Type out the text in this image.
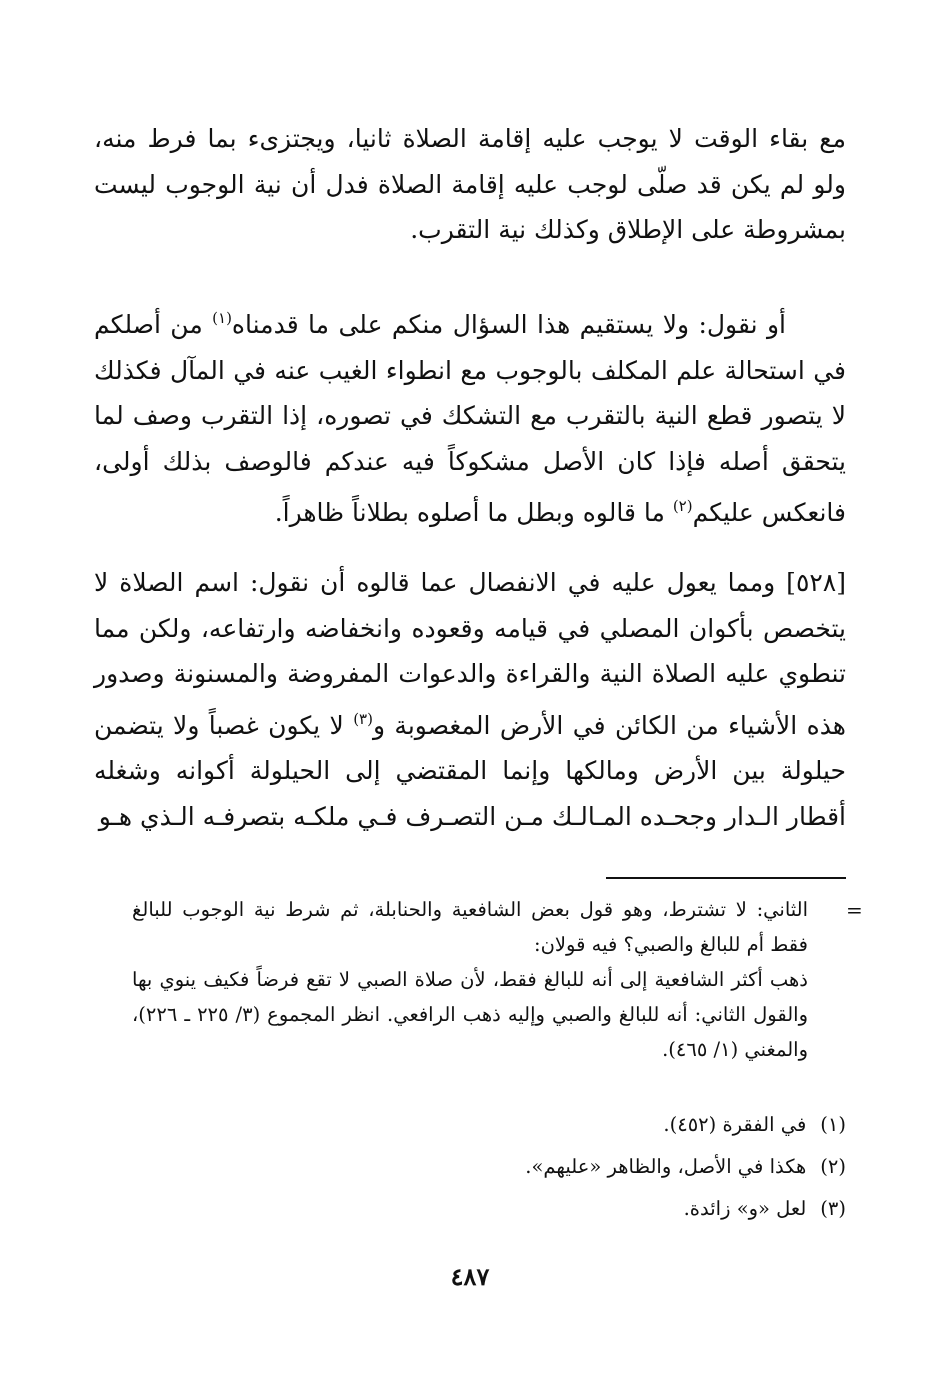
مع بقاء الوقت لا يوجب عليه إقامة الصلاة ثانيا، ويجتزىء بما فرط منه، ولو لم يكن قد صلّى لوجب عليه إقامة الصلاة فدل أن نية الوجوب ليست بمشروطة على الإطلاق وكذلك نية التقرب.

أو نقول: ولا يستقيم هذا السؤال منكم على ما قدمناه$^{(١)}$ من أصلكم في استحالة علم المكلف بالوجوب مع انطواء الغيب عنه في المآل فكذلك لا يتصور قطع النية بالتقرب مع التشكك في تصوره، إذا التقرب وصف لما يتحقق أصله فإذا كان الأصل مشكوكاً فيه عندكم فالوصف بذلك أولى، فانعكس عليكم$^{(٢)}$ ما قالوه وبطل ما أصلوه بطلاناً ظاهراً.

[٥٢٨] ومما يعول عليه في الانفصال عما قالوه أن نقول: اسم الصلاة لا يتخصص بأكوان المصلي في قيامه وقعوده وانخفاضه وارتفاعه، ولكن مما تنطوي عليه الصلاة النية والقراءة والدعوات المفروضة والمسنونة وصدور هذه الأشياء من الكائن في الأرض المغصوبة و$^{(٣)}$ لا يكون غصباً ولا يتضمن حيلولة بين الأرض ومالكها وإنما المقتضي إلى الحيلولة أكوانه وشغله أقطار الـدار وجحـده المـالـك مـن التصـرف فـي ملكـه بتصرفـه الـذي هـو

=

الثاني: لا تشترط، وهو قول بعض الشافعية والحنابلة، ثم شرط نية الوجوب للبالغ فقط أم للبالغ والصبي؟ فيه قولان:

ذهب أكثر الشافعية إلى أنه للبالغ فقط، لأن صلاة الصبي لا تقع فرضاً فكيف ينوي بها والقول الثاني: أنه للبالغ والصبي وإليه ذهب الرافعي. انظر المجموع (٣/ ٢٢٥ ـ ٢٢٦)، والمغني (١/ ٤٦٥).

(١)في الفقرة (٤٥٢).
(٢)هكذا في الأصل، والظاهر «عليهم».
(٣)لعل «و» زائدة.
٤٨٧
